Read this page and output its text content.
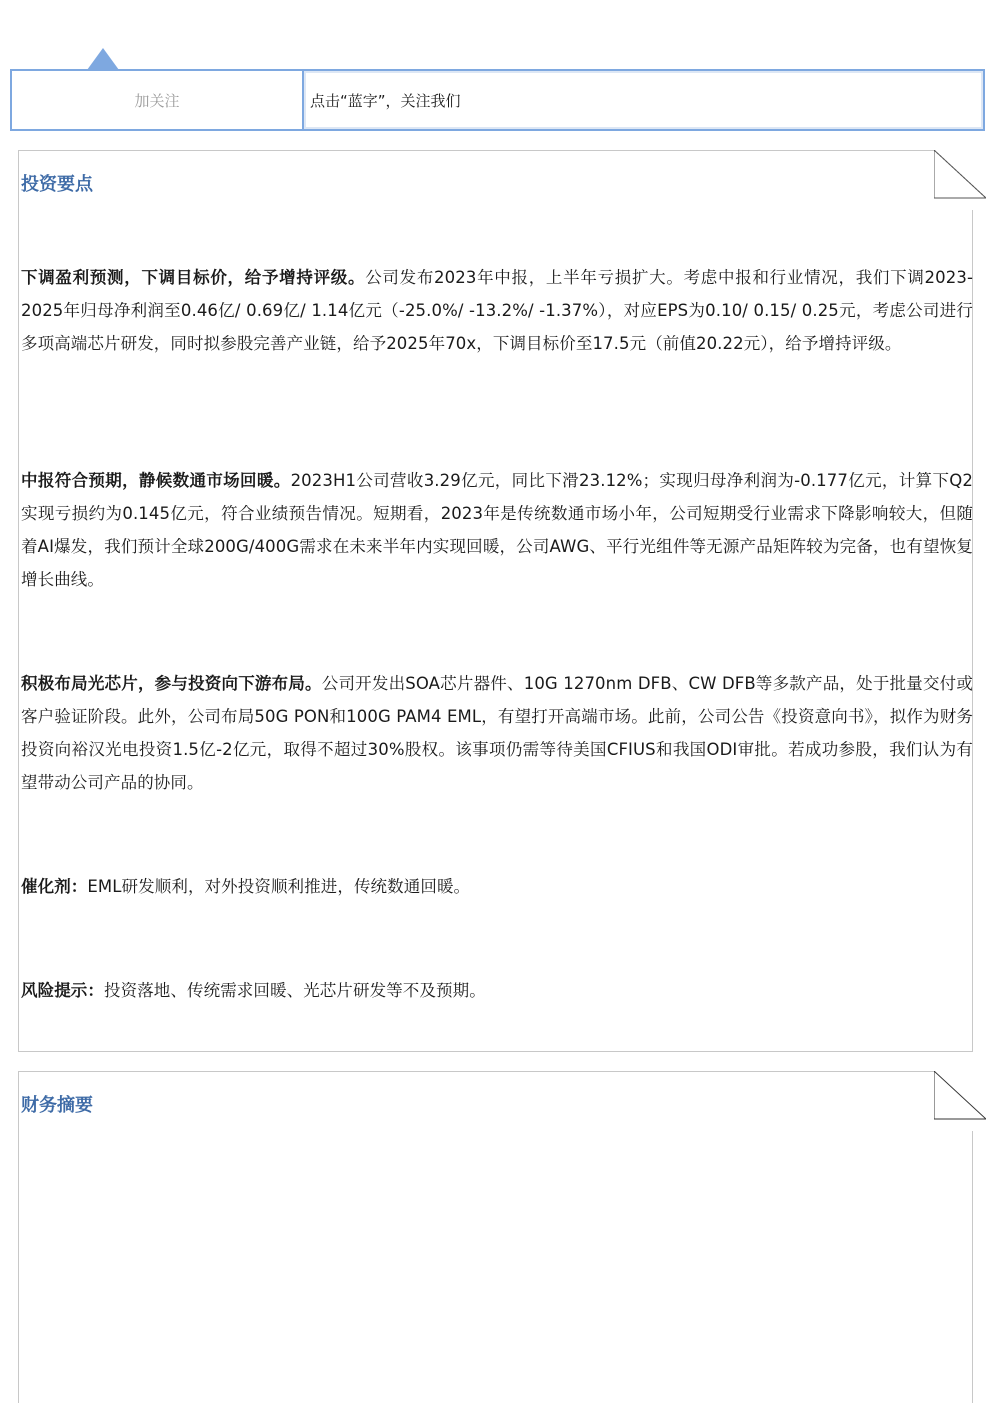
加关注	点击“蓝字”，关注我们
投资要点
下调盈利预测，下调目标价，给予增持评级。公司发布2023年中报，上半年亏损扩大。考虑中报和行业情况，我们下调2023-2025年归母净利润至0.46亿/ 0.69亿/ 1.14亿元（-25.0%/ -13.2%/ -1.37%），对应EPS为0.10/ 0.15/ 0.25元，考虑公司进行多项高端芯片研发，同时拟参股完善产业链，给予2025年70x，下调目标价至17.5元（前值20.22元），给予增持评级。
中报符合预期，静候数通市场回暖。2023H1公司营收3.29亿元，同比下滑23.12%；实现归母净利润为-0.177亿元，计算下Q2实现亏损约为0.145亿元，符合业绩预告情况。短期看，2023年是传统数通市场小年，公司短期受行业需求下降影响较大，但随着AI爆发，我们预计全球200G/400G需求在未来半年内实现回暖，公司AWG、平行光组件等无源产品矩阵较为完备，也有望恢复增长曲线。
积极布局光芯片，参与投资向下游布局。公司开发出SOA芯片器件、10G 1270nm DFB、CW DFB等多款产品，处于批量交付或客户验证阶段。此外，公司布局50G PON和100G PAM4 EML，有望打开高端市场。此前，公司公告《投资意向书》，拟作为财务投资向裕汉光电投资1.5亿-2亿元，取得不超过30%股权。该事项仍需等待美国CFIUS和我国ODI审批。若成功参股，我们认为有望带动公司产品的协同。
催化剂：EML研发顺利，对外投资顺利推进，传统数通回暖。
风险提示：投资落地、传统需求回暖、光芯片研发等不及预期。
财务摘要
